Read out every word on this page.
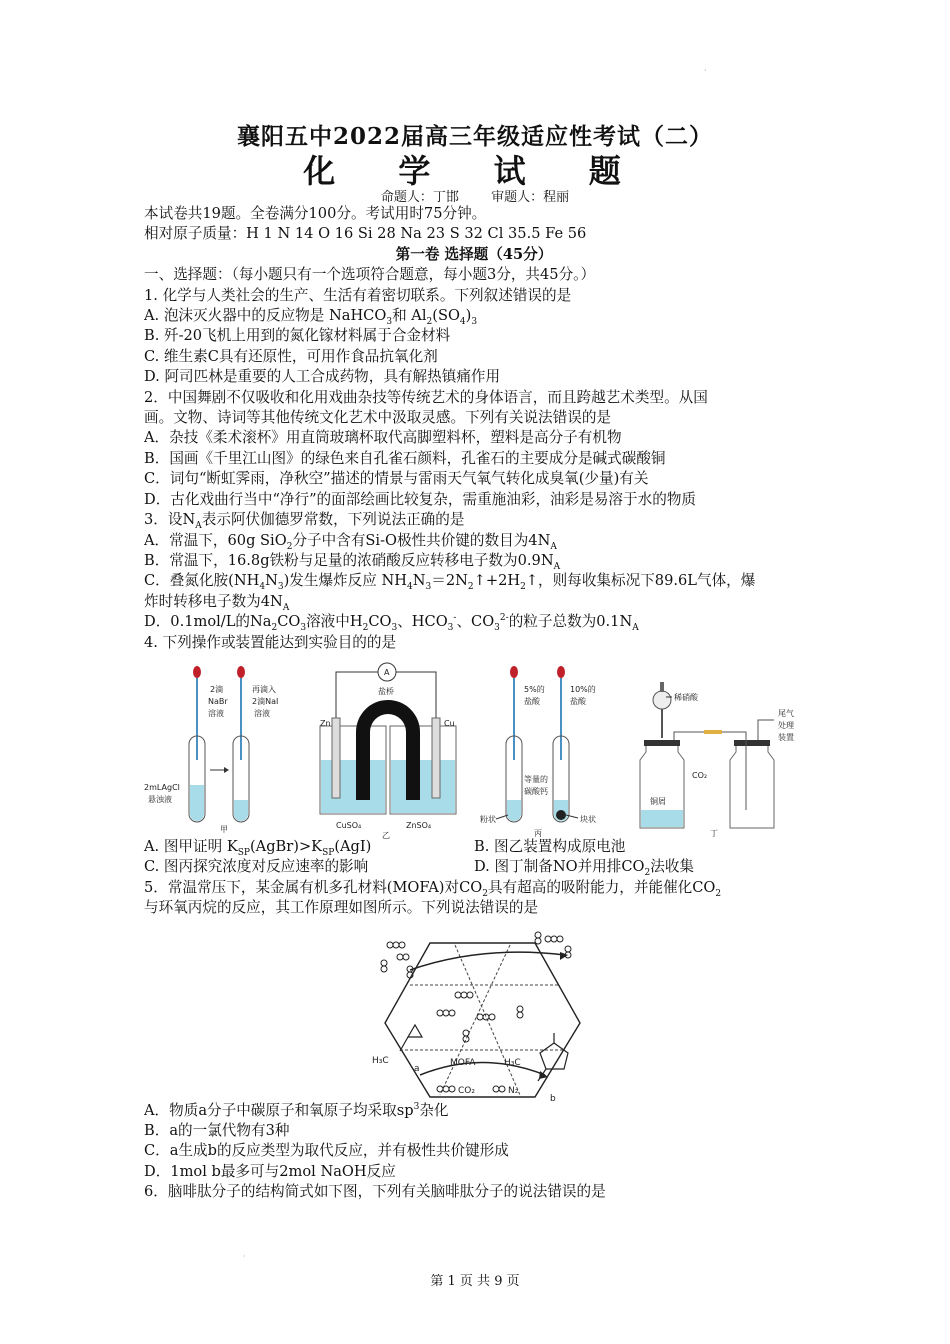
·
·
襄阳五中2022届高三年级适应性考试（二）
化 学 试 题
命题人：丁邯 审题人：程丽
本试卷共19题。全卷满分100分。考试用时75分钟。
相对原子质量：H 1 N 14 O 16 Si 28 Na 23 S 32 Cl 35.5 Fe 56
第一卷 选择题（45分）
一、选择题：（每小题只有一个选项符合题意，每小题3分，共45分。）
1. 化学与人类社会的生产、生活有着密切联系。下列叙述错误的是
A. 泡沫灭火器中的反应物是 NaHCO$_3$和 $Al_2(SO_4)_3$
B. 歼-20飞机上用到的氮化镓材料属于合金材料
C. 维生素C具有还原性，可用作食品抗氧化剂
D. 阿司匹林是重要的人工合成药物，具有解热镇痛作用
2．中国舞剧不仅吸收和化用戏曲杂技等传统艺术的身体语言，而且跨越艺术类型。从国
画。文物、诗词等其他传统文化艺术中汲取灵感。下列有关说法错误的是
A．杂技《柔术滚杯》用直筒玻璃杯取代高脚塑料杯，塑料是高分子有机物
B．国画《千里江山图》的绿色来自孔雀石颜料，孔雀石的主要成分是碱式碳酸铜
C．词句“断虹霁雨，净秋空”描述的情景与雷雨天气氧气转化成臭氧(少量)有关
D．古化戏曲行当中“净行”的面部绘画比较复杂，需重施油彩，油彩是易溶于水的物质
3．设$N_A$表示阿伏伽德罗常数，下列说法正确的是
A．常温下，60g SiO$_2$分子中含有Si-O极性共价键的数目为$4N_A$
B．常温下，16.8g铁粉与足量的浓硝酸反应转移电子数为$0.9N_A$
C．叠氮化胺$(NH_4N_3)$发生爆炸反应 $NH_4N_3=2N_2↑+2H_2↑$，则每收集标况下89.6L气体，爆
炸时转移电子数为$4N_A$
D．0.1mol/L的$Na_2CO_3$溶液中$H_2CO_3$、$HCO_3^-$、$CO_3^{2-}$的粒子总数为$0.1N_A$
4. 下列操作或装置能达到实验目的的是
A. 图甲证明 $K_{SP}(AgBr)>K_{SP}(AgI)$	B. 图乙装置构成原电池
C. 图丙探究浓度对反应速率的影响	D. 图丁制备NO并用排$CO_2$法收集
5．常温常压下，某金属有机多孔材料(MOFA)对$CO_2$具有超高的吸附能力，并能催化$CO_2$
与环氧丙烷的反应，其工作原理如图所示。下列说法错误的是
A．物质a分子中碳原子和氧原子均采取$sp^3$杂化
B．a的一氯代物有3种
C．a生成b的反应类型为取代反应，并有极性共价键形成
D．1mol b最多可与2mol NaOH反应
6．脑啡肽分子的结构简式如下图，下列有关脑啡肽分子的说法错误的是
2滴
NaBr
溶液
再滴入
2滴NaI
溶液
2mLAgCl
悬浊液
甲
A
盐桥
Zn	Cu
CuSO₄	ZnSO₄
乙
5%的
盐酸
10%的
盐酸
等量的
碳酸钙
粉状	块状
丙
稀硝酸
尾气
处理
装置
CO₂
铜屑
丁
H₃C
a
MOFA	H₃C
b
CO₂	N₂
第 1 页 共 9 页
